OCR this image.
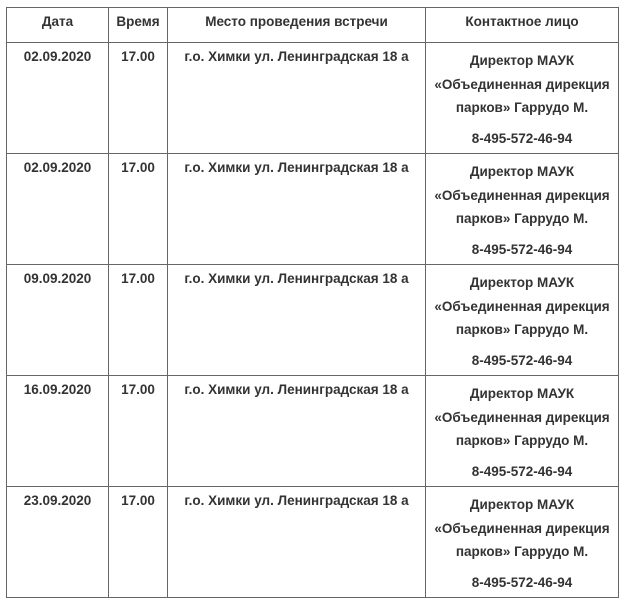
Дата	Время	Место проведения встречи	Контактное лицо

02.09.2020	17.00	г.о. Химки ул. Ленинградская 18 а	Директор МАУК
«Объединенная дирекция
парков» Гаррудо М.
8-495-572-46-94

02.09.2020	17.00	г.о. Химки ул. Ленинградская 18 а	Директор МАУК
«Объединенная дирекция
парков» Гаррудо М.
8-495-572-46-94

09.09.2020	17.00	г.о. Химки ул. Ленинградская 18 а	Директор МАУК
«Объединенная дирекция
парков» Гаррудо М.
8-495-572-46-94

16.09.2020	17.00	г.о. Химки ул. Ленинградская 18 а	Директор МАУК
«Объединенная дирекция
парков» Гаррудо М.
8-495-572-46-94

23.09.2020	17.00	г.о. Химки ул. Ленинградская 18 а	Директор МАУК
«Объединенная дирекция
парков» Гаррудо М.
8-495-572-46-94
